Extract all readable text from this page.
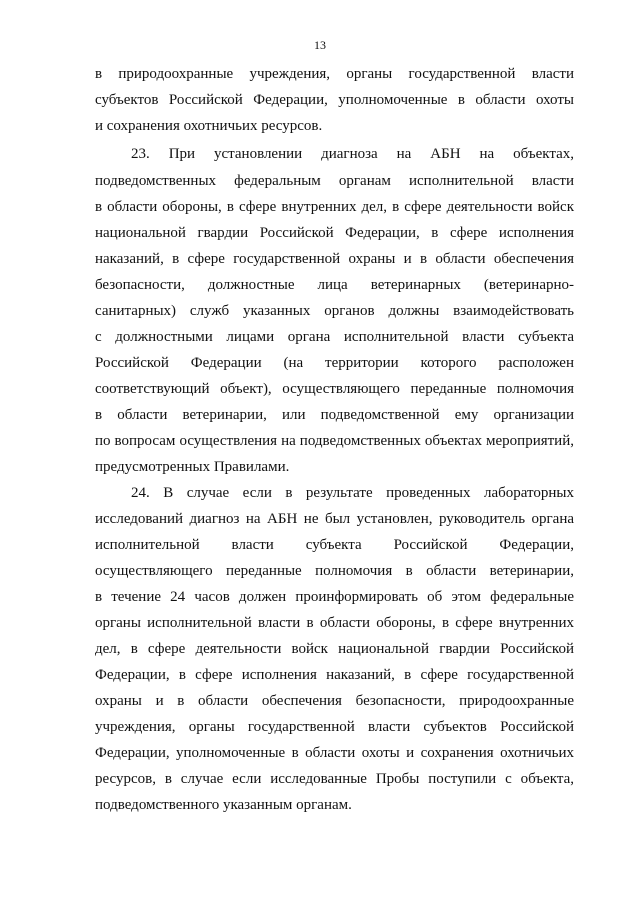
13
в природоохранные учреждения, органы государственной власти
субъектов Российской Федерации, уполномоченные в области охоты
и сохранения охотничьих ресурсов.
23. При установлении диагноза на АБН на объектах,
подведомственных федеральным органам исполнительной власти
в области обороны, в сфере внутренних дел, в сфере деятельности войск
национальной гвардии Российской Федерации, в сфере исполнения
наказаний, в сфере государственной охраны и в области обеспечения
безопасности, должностные лица ветеринарных (ветеринарно-
санитарных) служб указанных органов должны взаимодействовать
с должностными лицами органа исполнительной власти субъекта
Российской Федерации (на территории которого расположен
соответствующий объект), осуществляющего переданные полномочия
в области ветеринарии, или подведомственной ему организации
по вопросам осуществления на подведомственных объектах мероприятий,
предусмотренных Правилами.
24. В случае если в результате проведенных лабораторных
исследований диагноз на АБН не был установлен, руководитель органа
исполнительной власти субъекта Российской Федерации,
осуществляющего переданные полномочия в области ветеринарии,
в течение 24 часов должен проинформировать об этом федеральные
органы исполнительной власти в области обороны, в сфере внутренних
дел, в сфере деятельности войск национальной гвардии Российской
Федерации, в сфере исполнения наказаний, в сфере государственной
охраны и в области обеспечения безопасности, природоохранные
учреждения, органы государственной власти субъектов Российской
Федерации, уполномоченные в области охоты и сохранения охотничьих
ресурсов, в случае если исследованные Пробы поступили с объекта,
подведомственного указанным органам.
